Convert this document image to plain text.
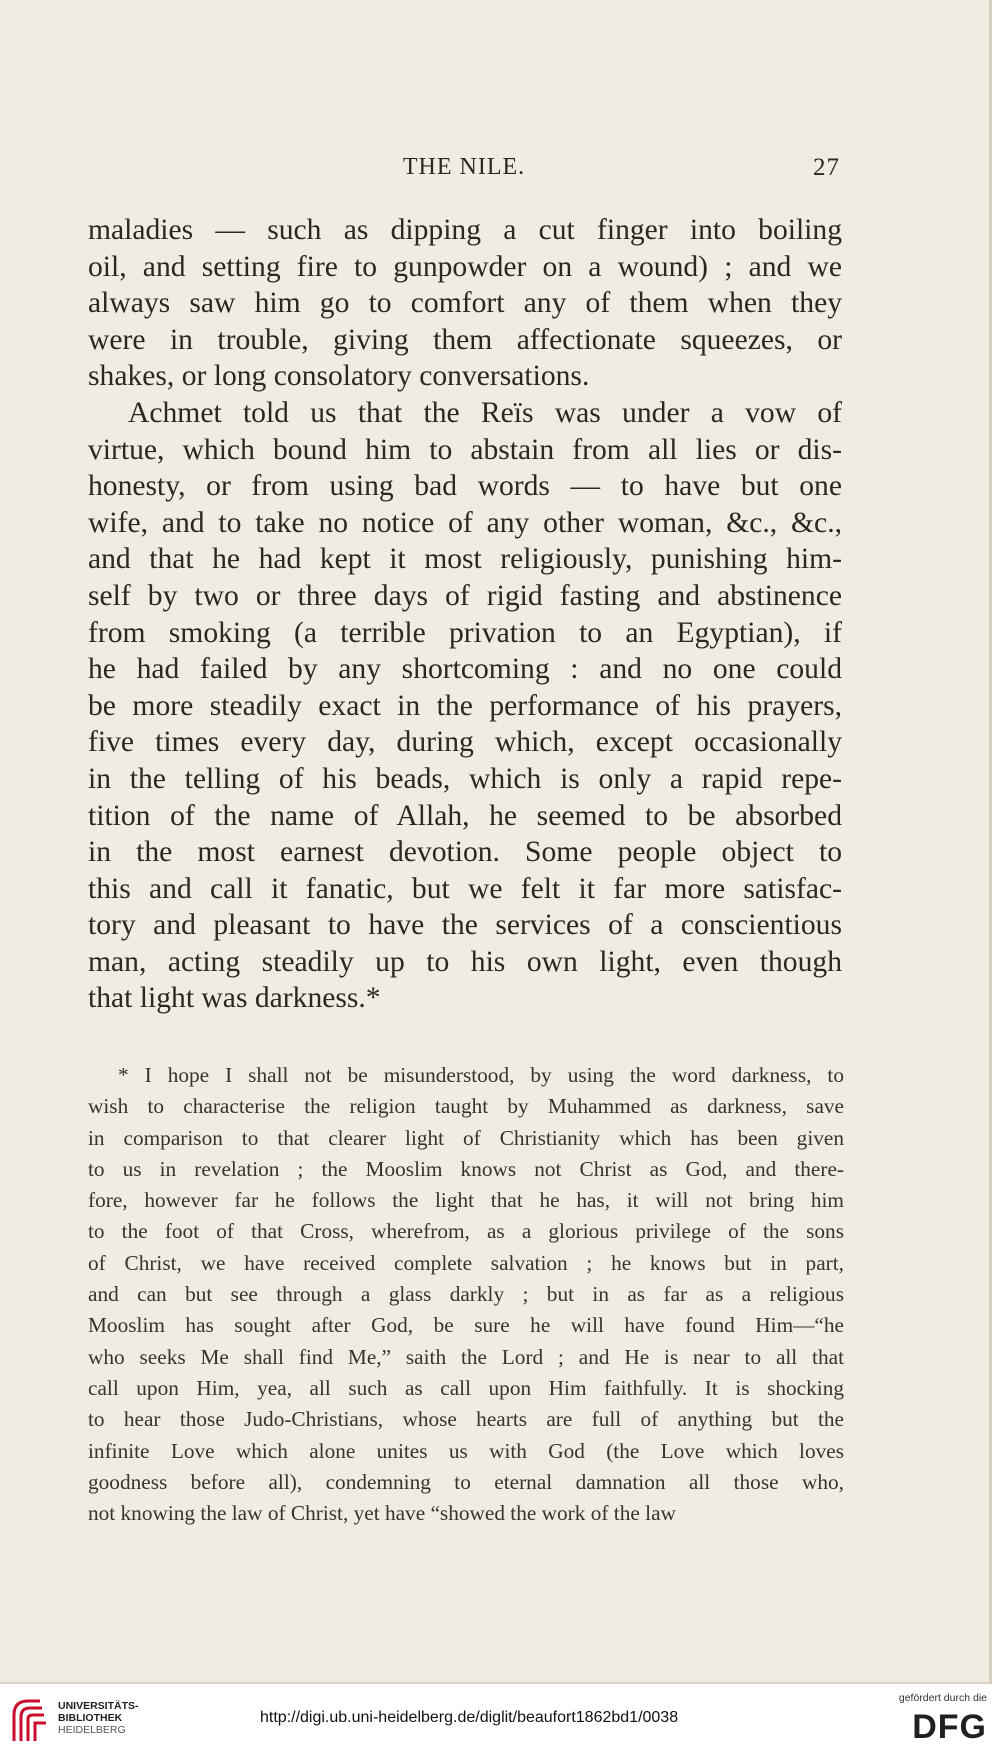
THE NILE.	27
maladies — such as dipping a cut finger into boiling
oil, and setting fire to gunpowder on a wound) ; and we
always saw him go to comfort any of them when they
were in trouble, giving them affectionate squeezes, or
shakes, or long consolatory conversations.
Achmet told us that the Reïs was under a vow of
virtue, which bound him to abstain from all lies or dis-
honesty, or from using bad words — to have but one
wife, and to take no notice of any other woman, &c., &c.,
and that he had kept it most religiously, punishing him-
self by two or three days of rigid fasting and abstinence
from smoking (a terrible privation to an Egyptian), if
he had failed by any shortcoming : and no one could
be more steadily exact in the performance of his prayers,
five times every day, during which, except occasionally
in the telling of his beads, which is only a rapid repe-
tition of the name of Allah, he seemed to be absorbed
in the most earnest devotion. Some people object to
this and call it fanatic, but we felt it far more satisfac-
tory and pleasant to have the services of a conscientious
man, acting steadily up to his own light, even though
that light was darkness.*
* I hope I shall not be misunderstood, by using the word darkness, to
wish to characterise the religion taught by Muhammed as darkness, save
in comparison to that clearer light of Christianity which has been given
to us in revelation ; the Mooslim knows not Christ as God, and there-
fore, however far he follows the light that he has, it will not bring him
to the foot of that Cross, wherefrom, as a glorious privilege of the sons
of Christ, we have received complete salvation ; he knows but in part,
and can but see through a glass darkly ; but in as far as a religious
Mooslim has sought after God, be sure he will have found Him—“he
who seeks Me shall find Me,” saith the Lord ; and He is near to all that
call upon Him, yea, all such as call upon Him faithfully. It is shocking
to hear those Judo-Christians, whose hearts are full of anything but the
infinite Love which alone unites us with God (the Love which loves
goodness before all), condemning to eternal damnation all those who,
not knowing the law of Christ, yet have “showed the work of the law
UNIVERSITÄTS-
BIBLIOTHEK
HEIDELBERG
http://digi.ub.uni-heidelberg.de/diglit/beaufort1862bd1/0038
gefördert durch die
DFG
